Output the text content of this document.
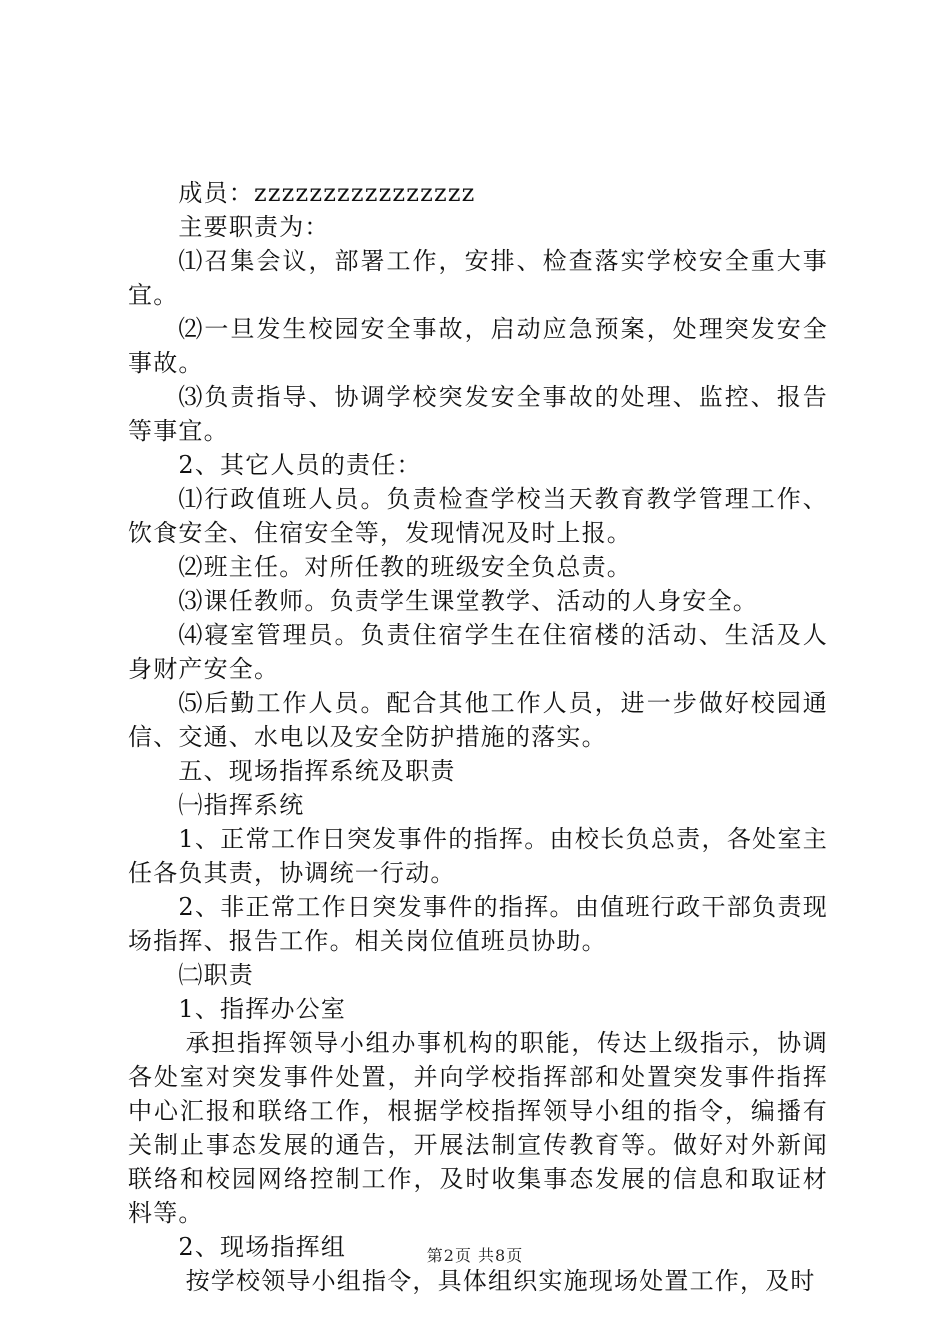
成员：zzzzzzzzzzzzzzzz

主要职责为：

⑴召集会议，部署工作，安排、检查落实学校安全重大事宜。

⑵一旦发生校园安全事故，启动应急预案，处理突发安全事故。

⑶负责指导、协调学校突发安全事故的处理、监控、报告等事宜。

2、其它人员的责任：

⑴行政值班人员。负责检查学校当天教育教学管理工作、饮食安全、住宿安全等，发现情况及时上报。

⑵班主任。对所任教的班级安全负总责。

⑶课任教师。负责学生课堂教学、活动的人身安全。

⑷寝室管理员。负责住宿学生在住宿楼的活动、生活及人身财产安全。

⑸后勤工作人员。配合其他工作人员，进一步做好校园通信、交通、水电以及安全防护措施的落实。

五、现场指挥系统及职责

㈠指挥系统

1、正常工作日突发事件的指挥。由校长负总责，各处室主任各负其责，协调统一行动。

2、非正常工作日突发事件的指挥。由值班行政干部负责现场指挥、报告工作。相关岗位值班员协助。

㈡职责

1、指挥办公室

承担指挥领导小组办事机构的职能，传达上级指示，协调各处室对突发事件处置，并向学校指挥部和处置突发事件指挥中心汇报和联络工作，根据学校指挥领导小组的指令，编播有关制止事态发展的通告，开展法制宣传教育等。做好对外新闻联络和校园网络控制工作，及时收集事态发展的信息和取证材料等。

2、现场指挥组

按学校领导小组指令，具体组织实施现场处置工作，及时

第2页 共8页
